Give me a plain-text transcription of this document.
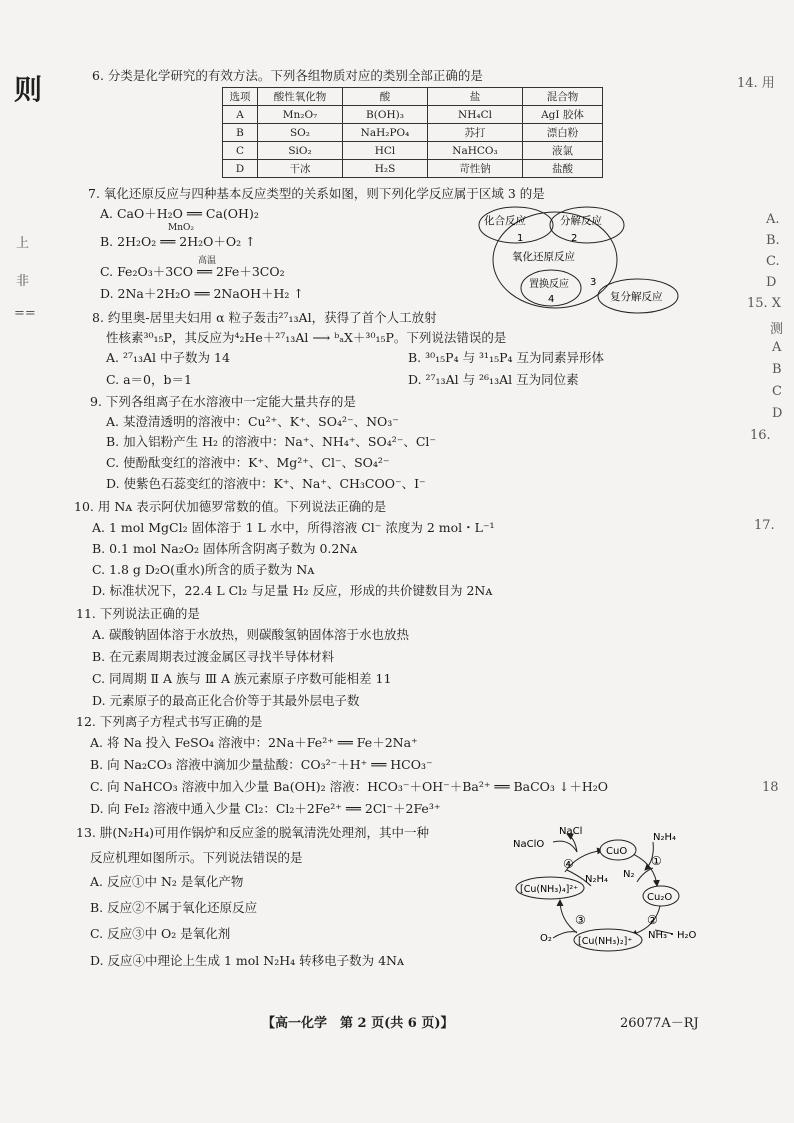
则
上
非
==
14. 用
A.
B.
C.
D
15. X
测
A
B
C
D
16.
17.
18
6. 分类是化学研究的有效方法。下列各组物质对应的类别全部正确的是
选项	酸性氧化物	酸	盐	混合物
A	Mn₂O₇	B(OH)₃	NH₄Cl	AgI 胶体
B	SO₂	NaH₂PO₄	苏打	漂白粉
C	SiO₂	HCl	NaHCO₃	液氯
D	干冰	H₂S	苛性钠	盐酸
7. 氧化还原反应与四种基本反应类型的关系如图，则下列化学反应属于区域 3 的是
A. CaO＋H₂O ══ Ca(OH)₂
MnO₂
B. 2H₂O₂ ══ 2H₂O＋O₂ ↑
高温
C. Fe₂O₃＋3CO ══ 2Fe＋3CO₂
D. 2Na＋2H₂O ══ 2NaOH＋H₂ ↑
化合反应	分解反应
1	2
氧化还原反应
置换反应
4
3
复分解反应
8. 约里奥-居里夫妇用 α 粒子轰击²⁷₁₃Al，获得了首个人工放射
性核素³⁰₁₅P，其反应为⁴₂He＋²⁷₁₃Al ⟶ ᵇₐX＋³⁰₁₅P。下列说法错误的是
A. ²⁷₁₃Al 中子数为 14	B. ³⁰₁₅P₄ 与 ³¹₁₅P₄ 互为同素异形体
C. a＝0，b＝1	D. ²⁷₁₃Al 与 ²⁶₁₃Al 互为同位素
9. 下列各组离子在水溶液中一定能大量共存的是
A. 某澄清透明的溶液中：Cu²⁺、K⁺、SO₄²⁻、NO₃⁻
B. 加入铝粉产生 H₂ 的溶液中：Na⁺、NH₄⁺、SO₄²⁻、Cl⁻
C. 使酚酞变红的溶液中：K⁺、Mg²⁺、Cl⁻、SO₄²⁻
D. 使紫色石蕊变红的溶液中：K⁺、Na⁺、CH₃COO⁻、I⁻
10. 用 Nᴀ 表示阿伏加德罗常数的值。下列说法正确的是
A. 1 mol MgCl₂ 固体溶于 1 L 水中，所得溶液 Cl⁻ 浓度为 2 mol・L⁻¹
B. 0.1 mol Na₂O₂ 固体所含阴离子数为 0.2Nᴀ
C. 1.8 g D₂O(重水)所含的质子数为 Nᴀ
D. 标准状况下，22.4 L Cl₂ 与足量 H₂ 反应，形成的共价键数目为 2Nᴀ
11. 下列说法正确的是
A. 碳酸钠固体溶于水放热，则碳酸氢钠固体溶于水也放热
B. 在元素周期表过渡金属区寻找半导体材料
C. 同周期 Ⅱ A 族与 Ⅲ A 族元素原子序数可能相差 11
D. 元素原子的最高正化合价等于其最外层电子数
12. 下列离子方程式书写正确的是
A. 将 Na 投入 FeSO₄ 溶液中：2Na＋Fe²⁺ ══ Fe＋2Na⁺
B. 向 Na₂CO₃ 溶液中滴加少量盐酸：CO₃²⁻＋H⁺ ══ HCO₃⁻
C. 向 NaHCO₃ 溶液中加入少量 Ba(OH)₂ 溶液：HCO₃⁻＋OH⁻＋Ba²⁺ ══ BaCO₃ ↓＋H₂O
D. 向 FeI₂ 溶液中通入少量 Cl₂：Cl₂＋2Fe²⁺ ══ 2Cl⁻＋2Fe³⁺
13. 肼(N₂H₄)可用作锅炉和反应釜的脱氧清洗处理剂，其中一种
反应机理如图所示。下列说法错误的是
A. 反应①中 N₂ 是氧化产物
B. 反应②不属于氧化还原反应
C. 反应③中 O₂ 是氧化剂
D. 反应④中理论上生成 1 mol N₂H₄ 转移电子数为 4Nᴀ
CuO
Cu₂O
[Cu(NH₃)₂]⁺
[Cu(NH₃)₄]²⁺
NaClO
NaCl
N₂H₄
N₂
N₂H₄
NH₃・H₂O
O₂
①
②
③
④
【高一化学　第 2 页(共 6 页)】	26077A－RJ
